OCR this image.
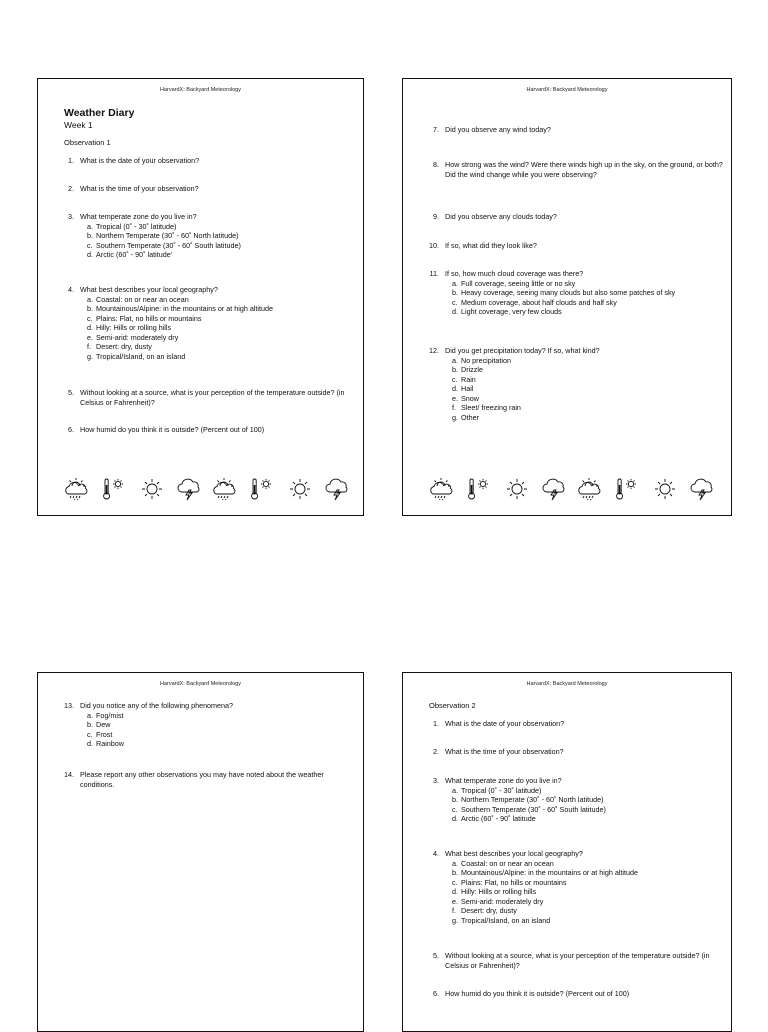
HarvardX: Backyard Meteorology
Weather Diary
Week 1
Observation 1
1. What is the date of your observation?
2. What is the time of your observation?
3. What temperate zone do you live in?
a. Tropical (0˚ - 30˚ latitude)
b. Northern Temperate (30˚ - 60˚ North latitude)
c. Southern Temperate (30˚ - 60˚ South latitude)
d. Arctic (60˚ - 90˚ latitude'
4. What best describes your local geography?
a. Coastal: on or near an ocean
b. Mountainous/Alpine: in the mountains or at high altitude
c. Plains: Flat, no hills or mountains
d. Hilly: Hills or rolling hills
e. Semi-arid: moderately dry
f. Desert: dry, dusty
g. Tropical/Island, on an island
5. Without looking at a source, what is your perception of the temperature outside? (in Celsius or Fahrenheit)?
6. How humid do you think it is outside? (Percent out of 100)
HarvardX: Backyard Meteorology
7. Did you observe any wind today?
8. How strong was the wind? Were there winds high up in the sky, on the ground, or both? Did the wind change while you were observing?
9. Did you observe any clouds today?
10. If so, what did they look like?
11. If so, how much cloud coverage was there?
a. Full coverage, seeing little or no sky
b. Heavy coverage, seeing many clouds but also some patches of sky
c. Medium coverage, about half clouds and half sky
d. Light coverage, very few clouds
12. Did you get precipitation today? If so, what kind?
a. No precipitation
b. Drizzle
c. Rain
d. Hail
e. Snow
f. Sleet/ freezing rain
g. Other
HarvardX: Backyard Meteorology
13. Did you notice any of the following phenomena?
a. Fog/mist
b. Dew
c. Frost
d. Rainbow
14. Please report any other observations you may have noted about the weather conditions.
HarvardX: Backyard Meteorology
Observation 2
1. What is the date of your observation?
2. What is the time of your observation?
3. What temperate zone do you live in?
a. Tropical (0˚ - 30˚ latitude)
b. Northern Temperate (30˚ - 60˚ North latitude)
c. Southern Temperate (30˚ - 60˚ South latitude)
d. Arctic (60˚ - 90˚ latitude
4. What best describes your local geography?
a. Coastal: on or near an ocean
b. Mountainous/Alpine: in the mountains or at high altitude
c. Plains: Flat, no hills or mountains
d. Hilly: Hills or rolling hills
e. Semi-arid: moderately dry
f. Desert: dry, dusty
g. Tropical/Island, on an island
5. Without looking at a source, what is your perception of the temperature outside? (in Celsius or Fahrenheit)?
6. How humid do you think it is outside? (Percent out of 100)
